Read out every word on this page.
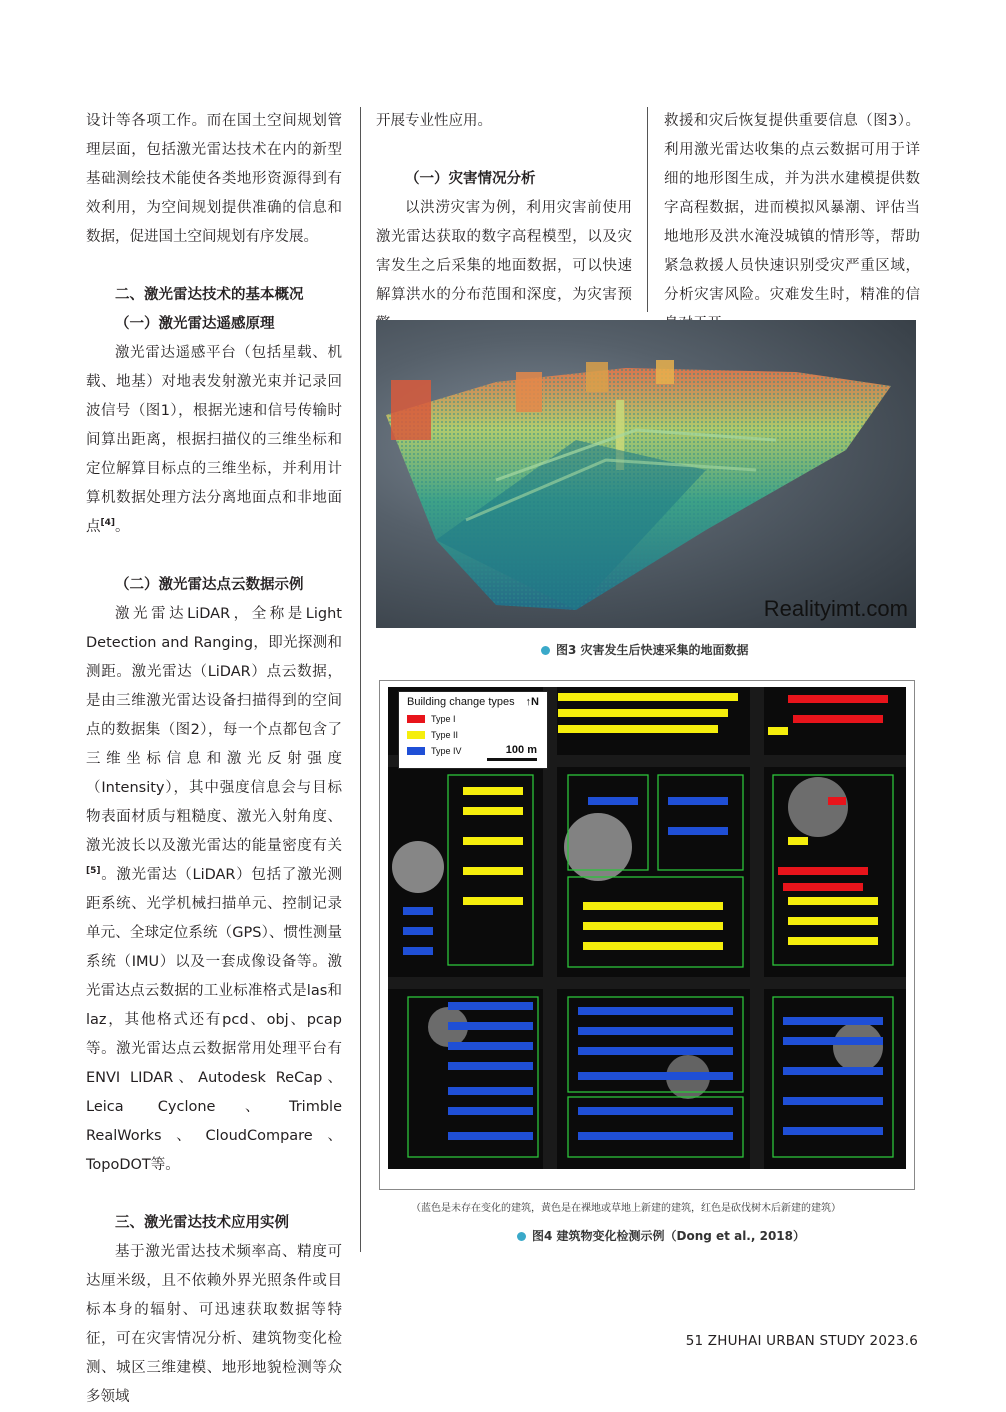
设计等各项工作。而在国土空间规划管理层面，包括激光雷达技术在内的新型基础测绘技术能使各类地形资源得到有效利用，为空间规划提供准确的信息和数据，促进国土空间规划有序发展。

二、激光雷达技术的基本概况

（一）激光雷达遥感原理

激光雷达遥感平台（包括星载、机载、地基）对地表发射激光束并记录回波信号（图1），根据光速和信号传输时间算出距离，根据扫描仪的三维坐标和定位解算目标点的三维坐标，并利用计算机数据处理方法分离地面点和非地面点[4]。

（二）激光雷达点云数据示例

激光雷达LiDAR，全称是Light Detection and Ranging，即光探测和测距。激光雷达（LiDAR）点云数据，是由三维激光雷达设备扫描得到的空间点的数据集（图2），每一个点都包含了三维坐标信息和激光反射强度（Intensity），其中强度信息会与目标物表面材质与粗糙度、激光入射角度、激光波长以及激光雷达的能量密度有关[5]。激光雷达（LiDAR）包括了激光测距系统、光学机械扫描单元、控制记录单元、全球定位系统（GPS）、惯性测量系统（IMU）以及一套成像设备等。激光雷达点云数据的工业标准格式是las和laz，其他格式还有pcd、obj、pcap等。激光雷达点云数据常用处理平台有ENVI LIDAR、Autodesk ReCap、Leica Cyclone、Trimble RealWorks、CloudCompare、TopoDOT等。

三、激光雷达技术应用实例

基于激光雷达技术频率高、精度可达厘米级，且不依赖外界光照条件或目标本身的辐射、可迅速获取数据等特征，可在灾害情况分析、建筑物变化检测、城区三维建模、地形地貌检测等众多领域

开展专业性应用。

（一）灾害情况分析

以洪涝灾害为例，利用灾害前使用激光雷达获取的数字高程模型，以及灾害发生之后采集的地面数据，可以快速解算洪水的分布范围和深度，为灾害预

救援和灾后恢复提供重要信息（图3）。利用激光雷达收集的点云数据可用于详细的地形图生成，并为洪水建模提供数字高程数据，进而模拟风暴潮、评估当地地形及洪水淹没城镇的情形等，帮助紧急救援人员快速识别受灾严重区域，分析灾害风险。灾难发生时，精准的信

Realityimt.com
图3 灾害发生后快速采集的地面数据
Building change types
Type I
Type II
Type IV
↑N
100 m
（蓝色是未存在变化的建筑，黄色是在裸地或草地上新建的建筑，红色是砍伐树木后新建的建筑）
图4 建筑物变化检测示例（Dong et al., 2018）
51 ZHUHAI URBAN STUDY 2023.6
